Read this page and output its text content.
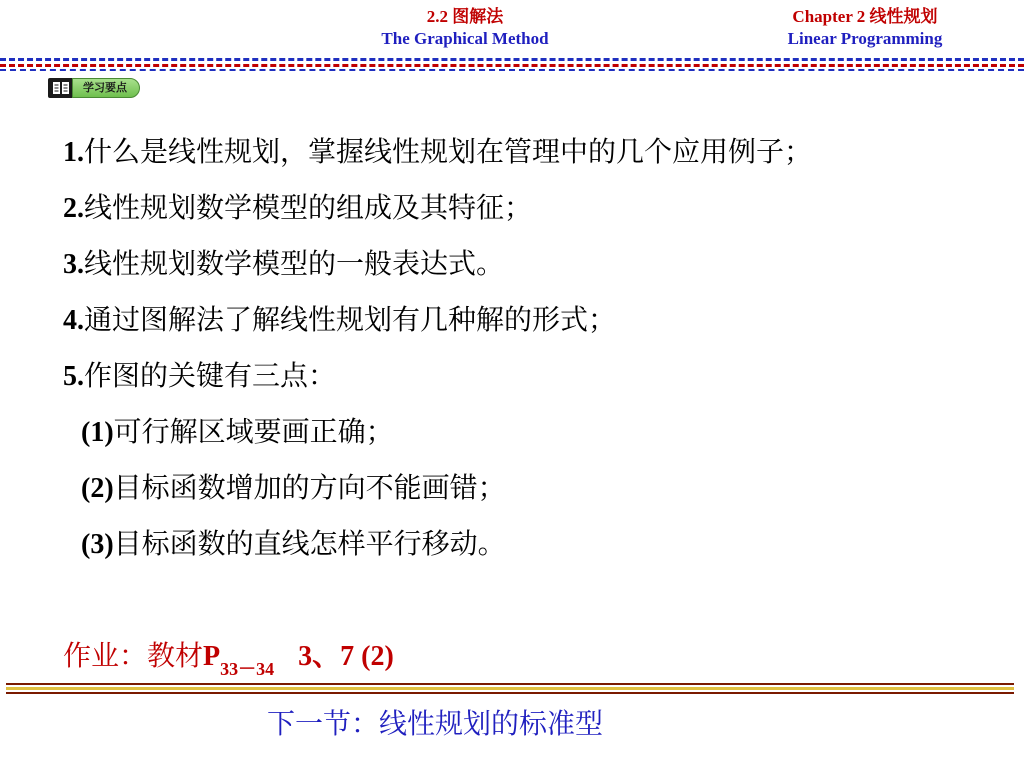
2.2 图解法
The Graphical Method
Chapter 2 线性规划
Linear Programming
学习要点
1.什么是线性规划，掌握线性规划在管理中的几个应用例子；
2.线性规划数学模型的组成及其特征；
3.线性规划数学模型的一般表达式。
4.通过图解法了解线性规划有几种解的形式；
5.作图的关键有三点：
(1)可行解区域要画正确；
(2)目标函数增加的方向不能画错；
(3)目标函数的直线怎样平行移动。
作业：教材$P_{33-34}$ 3、7 (2)
下一节：线性规划的标准型
